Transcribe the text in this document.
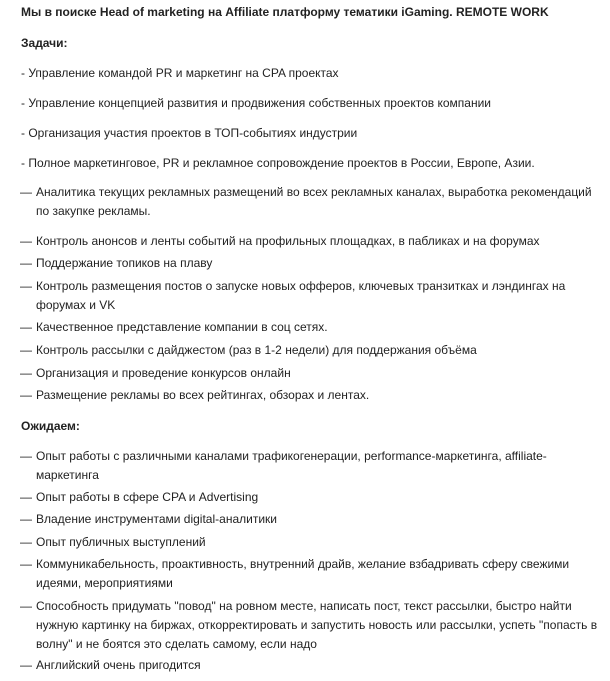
Мы в поиске Head of marketing на Affiliate платформу тематики iGaming. REMOTE WORK
Задачи:
- Управление командой PR и маркетинг на CPA проектах
- Управление концепцией развития и продвижения собственных проектов компании
- Организация участия проектов в ТОП-событиях индустрии
- Полное маркетинговое, PR и рекламное сопровождение проектов в России, Европе, Азии.
— Аналитика текущих рекламных размещений во всех рекламных каналах, выработка рекомендаций по закупке рекламы.
— Контроль анонсов и ленты событий на профильных площадках, в пабликах и на форумах
— Поддержание топиков на плаву
— Контроль размещения постов о запуске новых офферов, ключевых транзитках и лэндингах на форумах и VK
— Качественное представление компании в соц сетях.
— Контроль рассылки с дайджестом (раз в 1-2 недели) для поддержания объёма
— Организация и проведение конкурсов онлайн
— Размещение рекламы во всех рейтингах, обзорах и лентах.
Ожидаем:
— Опыт работы с различными каналами трафикогенерации, performance-маркетинга, affiliate-маркетинга
— Опыт работы в сфере CPA и Advertising
— Владение инструментами digital-аналитики
— Опыт публичных выступлений
— Коммуникабельность, проактивность, внутренний драйв, желание взбадривать сферу свежими идеями, мероприятиями
— Способность придумать "повод" на ровном месте, написать пост, текст рассылки, быстро найти нужную картинку на биржах, откорректировать и запустить новость или рассылки, успеть "попасть в волну" и не боятся это сделать самому, если надо
— Английский очень пригодится
